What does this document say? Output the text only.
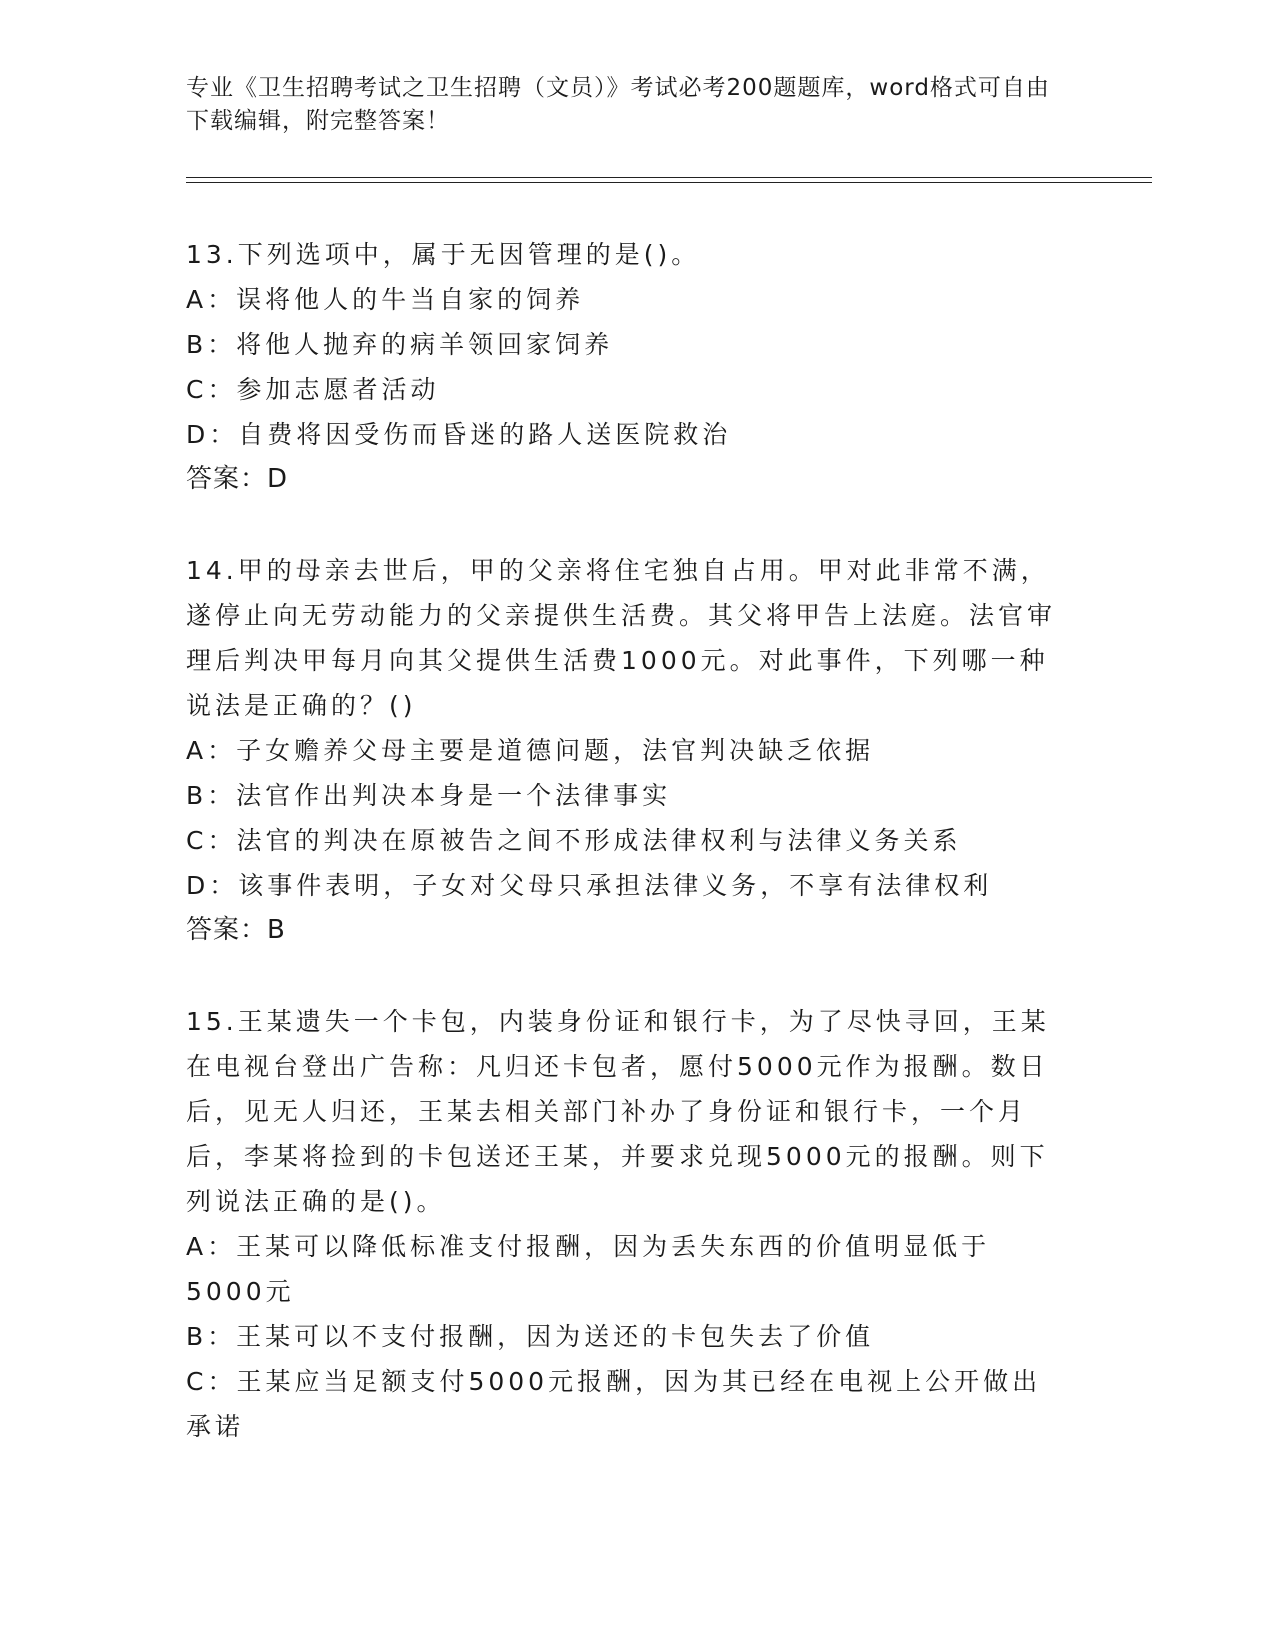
专业《卫生招聘考试之卫生招聘（文员）》考试必考200题题库，word格式可自由下载编辑，附完整答案！

13.下列选项中，属于无因管理的是()。

A：误将他人的牛当自家的饲养

B：将他人抛弃的病羊领回家饲养

C：参加志愿者活动

D：自费将因受伤而昏迷的路人送医院救治

答案：D

14.甲的母亲去世后，甲的父亲将住宅独自占用。甲对此非常不满，遂停止向无劳动能力的父亲提供生活费。其父将甲告上法庭。法官审理后判决甲每月向其父提供生活费1000元。对此事件，下列哪一种说法是正确的？()

A：子女赡养父母主要是道德问题，法官判决缺乏依据

B：法官作出判决本身是一个法律事实

C：法官的判决在原被告之间不形成法律权利与法律义务关系

D：该事件表明，子女对父母只承担法律义务，不享有法律权利

答案：B

15.王某遗失一个卡包，内装身份证和银行卡，为了尽快寻回，王某在电视台登出广告称：凡归还卡包者，愿付5000元作为报酬。数日后，见无人归还，王某去相关部门补办了身份证和银行卡，一个月后，李某将捡到的卡包送还王某，并要求兑现5000元的报酬。则下列说法正确的是()。

A：王某可以降低标准支付报酬，因为丢失东西的价值明显低于5000元

B：王某可以不支付报酬，因为送还的卡包失去了价值

C：王某应当足额支付5000元报酬，因为其已经在电视上公开做出承诺
